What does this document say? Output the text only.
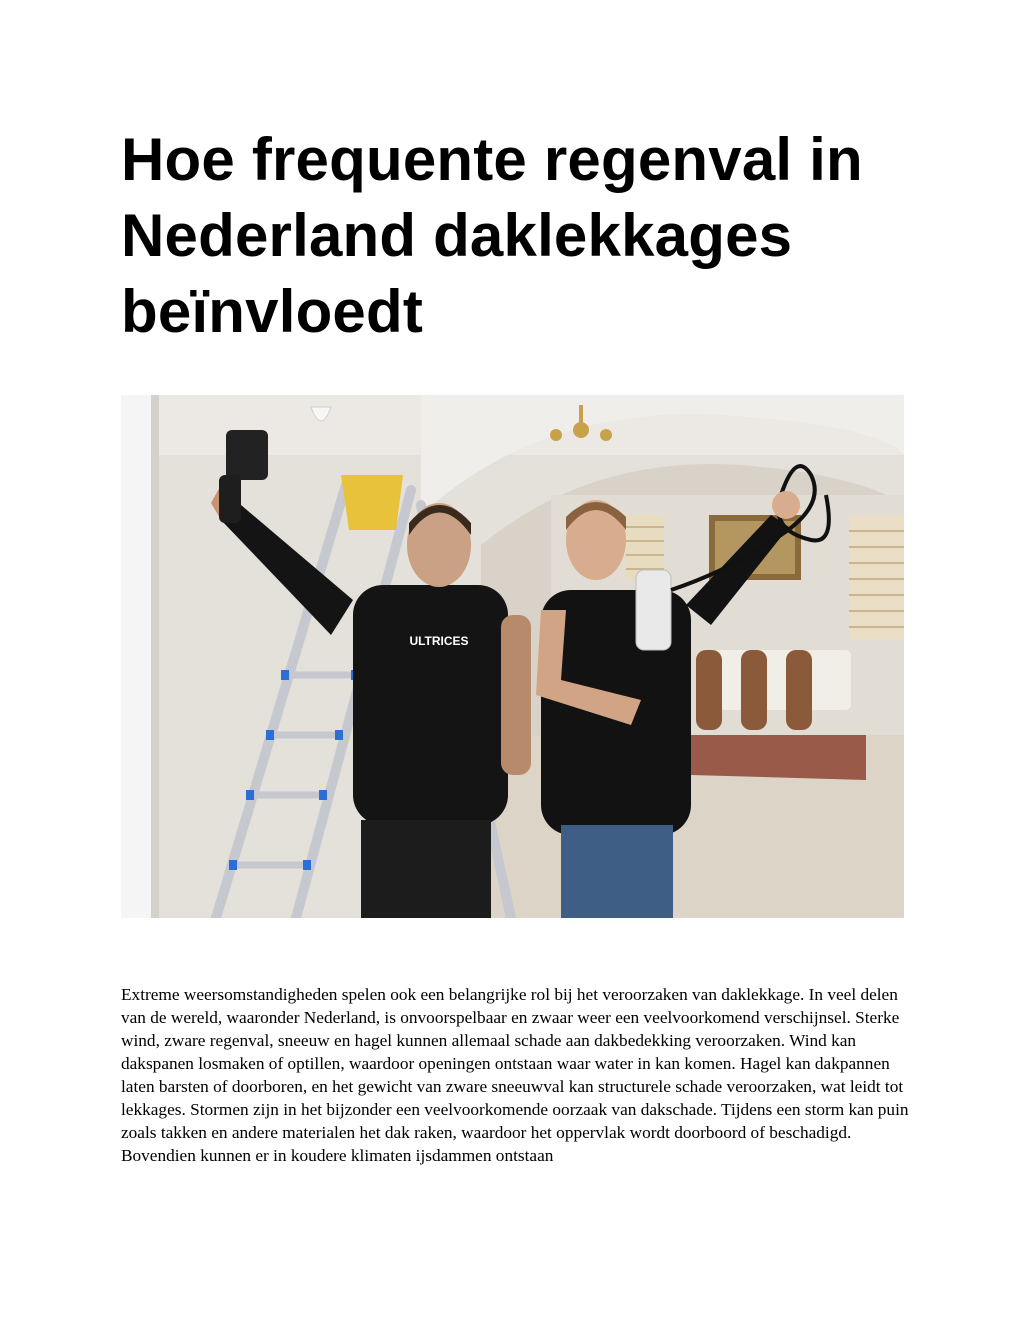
Hoe frequente regenval in Nederland daklekkages beïnvloedt
ULTRICES

Extreme weersomstandigheden spelen ook een belangrijke rol bij het veroorzaken van daklekkage. In veel delen van de wereld, waaronder Nederland, is onvoorspelbaar en zwaar weer een veelvoorkomend verschijnsel. Sterke wind, zware regenval, sneeuw en hagel kunnen allemaal schade aan dakbedekking veroorzaken. Wind kan dakspanen losmaken of optillen, waardoor openingen ontstaan waar water in kan komen. Hagel kan dakpannen laten barsten of doorboren, en het gewicht van zware sneeuwval kan structurele schade veroorzaken, wat leidt tot lekkages. Stormen zijn in het bijzonder een veelvoorkomende oorzaak van dakschade. Tijdens een storm kan puin zoals takken en andere materialen het dak raken, waardoor het oppervlak wordt doorboord of beschadigd. Bovendien kunnen er in koudere klimaten ijsdammen ontstaan
